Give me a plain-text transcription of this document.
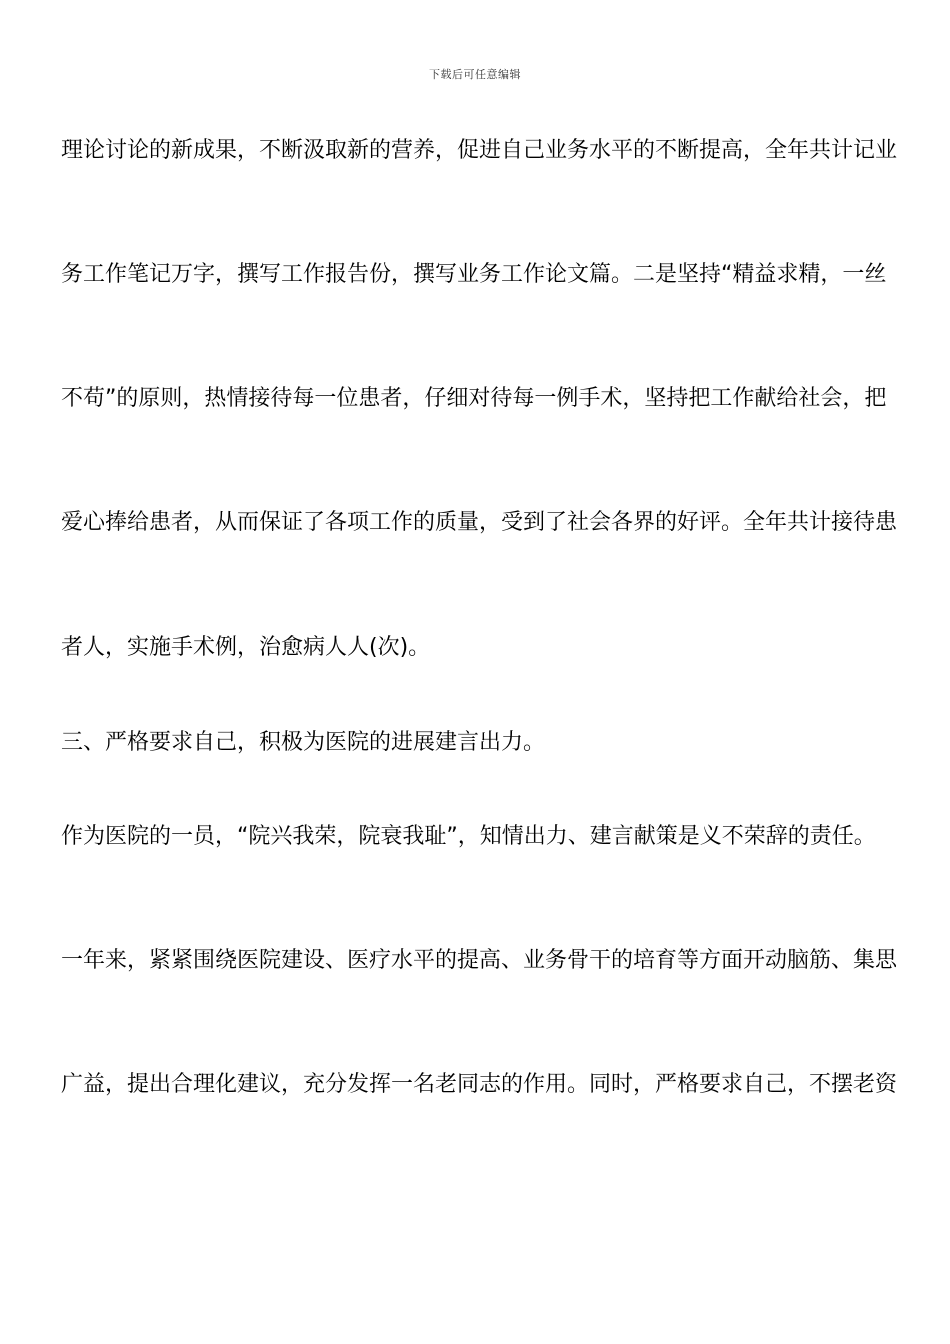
下载后可任意编辑
理论讨论的新成果，不断汲取新的营养，促进自己业务水平的不断提高，全年共计记业
务工作笔记万字，撰写工作报告份，撰写业务工作论文篇。二是坚持“精益求精，一丝
不苟”的原则，热情接待每一位患者，仔细对待每一例手术，坚持把工作献给社会，把
爱心捧给患者，从而保证了各项工作的质量，受到了社会各界的好评。全年共计接待患
者人，实施手术例，治愈病人人(次)。
三、严格要求自己，积极为医院的进展建言出力。
作为医院的一员，“院兴我荣，院衰我耻”，知情出力、建言献策是义不荣辞的责任。
一年来，紧紧围绕医院建设、医疗水平的提高、业务骨干的培育等方面开动脑筋、集思
广益，提出合理化建议，充分发挥一名老同志的作用。同时，严格要求自己，不摆老资
